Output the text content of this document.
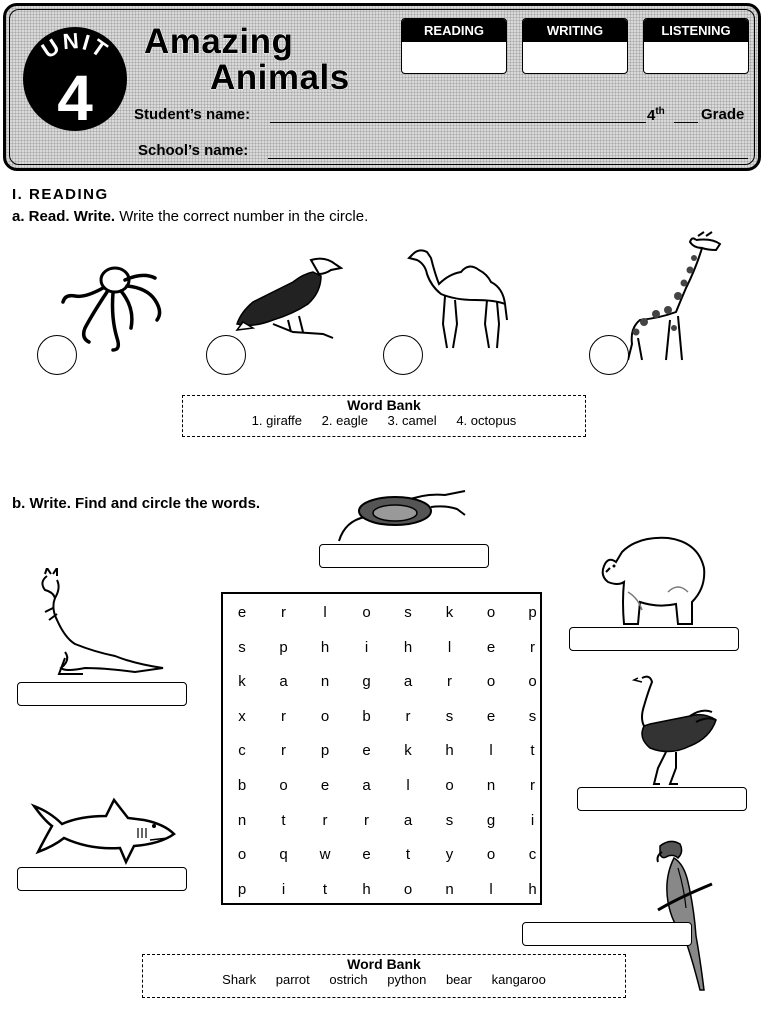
UNIT
4
Amazing
Animals
READING	WRITING	LISTENING
Student’s name:	4th Grade
School’s name:
I. READING
a. Read. Write. Write the correct number in the circle.
Word Bank
1. giraffe 2. eagle 3. camel 4. octopus
b. Write. Find and circle the words.
e	r	l	o	s	k	o	p
s	p	h	i	h	l	e	r
k	a	n	g	a	r	o	o
x	r	o	b	r	s	e	s
c	r	p	e	k	h	l	t
b	o	e	a	l	o	n	r
n	t	r	r	a	s	g	i
o	q	w	e	t	y	o	c
p	i	t	h	o	n	l	h
Word Bank
Shark parrot ostrich python bear kangaroo
